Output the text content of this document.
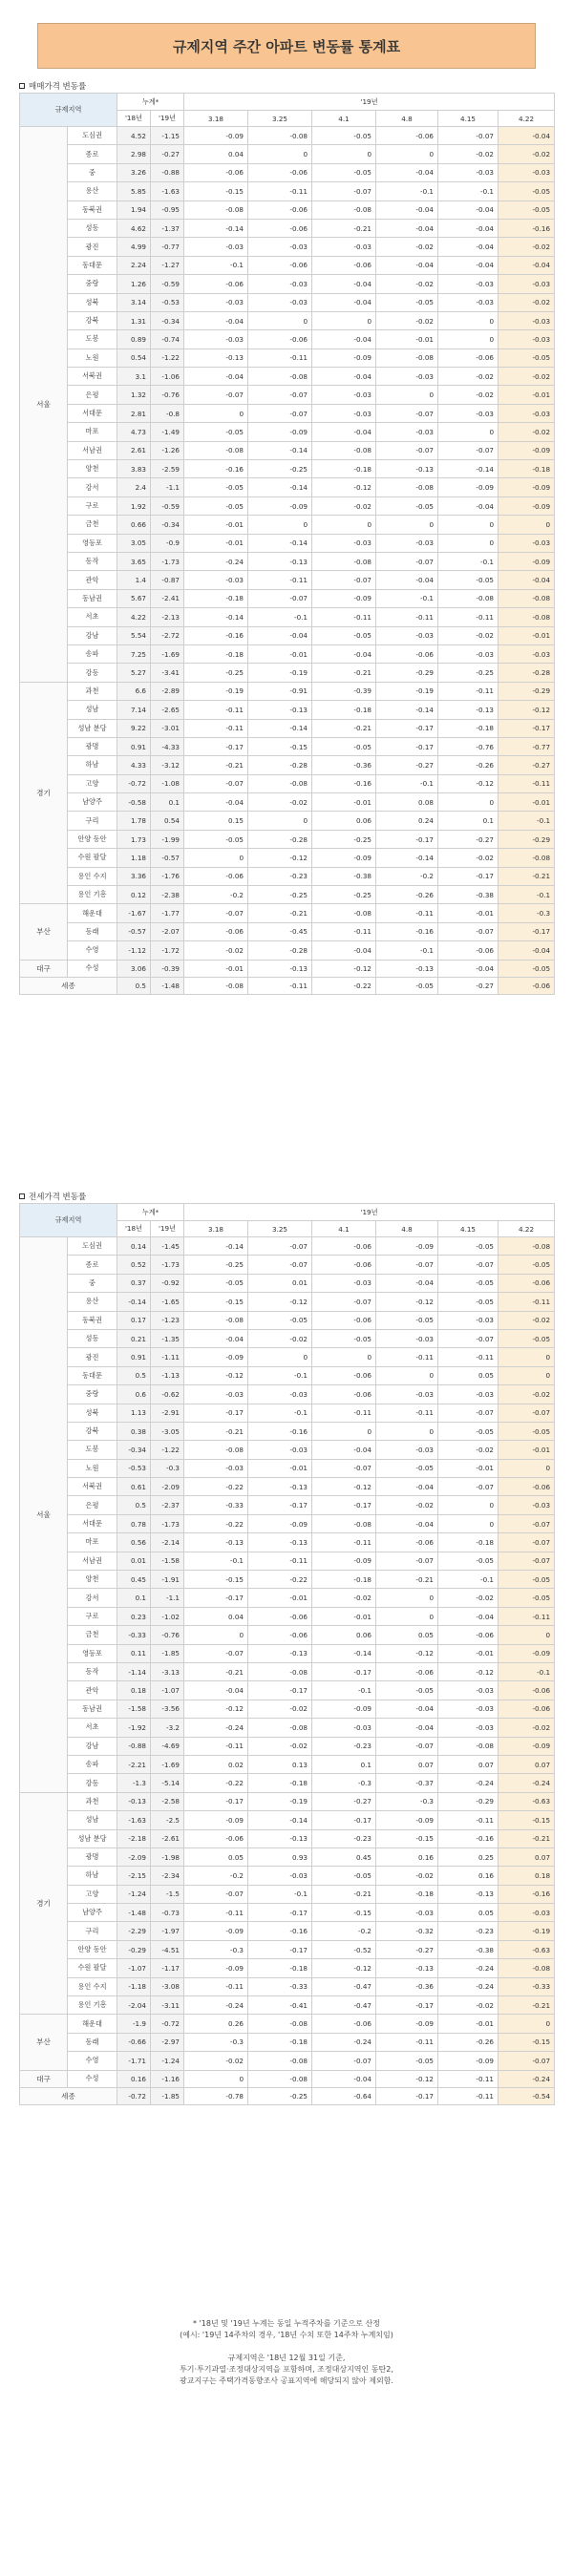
규제지역 주간 아파트 변동률 통계표
매매가격 변동률
규제지역		누계*		'19년					
		'18년	'19년	3.18	3.25	4.1	4.8	4.15	4.22
서울	도심권	4.52	-1.15	-0.09	-0.08	-0.05	-0.06	-0.07	-0.04
	종로	2.98	-0.27	0.04	0	0	0	-0.02	-0.02
	중	3.26	-0.88	-0.06	-0.06	-0.05	-0.04	-0.03	-0.03
	용산	5.85	-1.63	-0.15	-0.11	-0.07	-0.1	-0.1	-0.05
	동북권	1.94	-0.95	-0.08	-0.06	-0.08	-0.04	-0.04	-0.05
	성동	4.62	-1.37	-0.14	-0.06	-0.21	-0.04	-0.04	-0.16
	광진	4.99	-0.77	-0.03	-0.03	-0.03	-0.02	-0.04	-0.02
	동대문	2.24	-1.27	-0.1	-0.06	-0.06	-0.04	-0.04	-0.04
	중랑	1.26	-0.59	-0.06	-0.03	-0.04	-0.02	-0.03	-0.03
	성북	3.14	-0.53	-0.03	-0.03	-0.04	-0.05	-0.03	-0.02
	강북	1.31	-0.34	-0.04	0	0	-0.02	0	-0.03
	도봉	0.89	-0.74	-0.03	-0.06	-0.04	-0.01	0	-0.03
	노원	0.54	-1.22	-0.13	-0.11	-0.09	-0.08	-0.06	-0.05
	서북권	3.1	-1.06	-0.04	-0.08	-0.04	-0.03	-0.02	-0.02
	은평	1.32	-0.76	-0.07	-0.07	-0.03	0	-0.02	-0.01
	서대문	2.81	-0.8	0	-0.07	-0.03	-0.07	-0.03	-0.03
	마포	4.73	-1.49	-0.05	-0.09	-0.04	-0.03	0	-0.02
	서남권	2.61	-1.26	-0.08	-0.14	-0.08	-0.07	-0.07	-0.09
	양천	3.83	-2.59	-0.16	-0.25	-0.18	-0.13	-0.14	-0.18
	강서	2.4	-1.1	-0.05	-0.14	-0.12	-0.08	-0.09	-0.09
	구로	1.92	-0.59	-0.05	-0.09	-0.02	-0.05	-0.04	-0.09
	금천	0.66	-0.34	-0.01	0	0	0	0	0
	영등포	3.05	-0.9	-0.01	-0.14	-0.03	-0.03	0	-0.03
	동작	3.65	-1.73	-0.24	-0.13	-0.08	-0.07	-0.1	-0.09
	관악	1.4	-0.87	-0.03	-0.11	-0.07	-0.04	-0.05	-0.04
	동남권	5.67	-2.41	-0.18	-0.07	-0.09	-0.1	-0.08	-0.08
	서초	4.22	-2.13	-0.14	-0.1	-0.11	-0.11	-0.11	-0.08
	강남	5.54	-2.72	-0.16	-0.04	-0.05	-0.03	-0.02	-0.01
	송파	7.25	-1.69	-0.18	-0.01	-0.04	-0.06	-0.03	-0.03
	강동	5.27	-3.41	-0.25	-0.19	-0.21	-0.29	-0.25	-0.28
경기	과천	6.6	-2.89	-0.19	-0.91	-0.39	-0.19	-0.11	-0.29
	성남	7.14	-2.65	-0.11	-0.13	-0.18	-0.14	-0.13	-0.12
	성남 분당	9.22	-3.01	-0.11	-0.14	-0.21	-0.17	-0.18	-0.17
	광명	0.91	-4.33	-0.17	-0.15	-0.05	-0.17	-0.76	-0.77
	하남	4.33	-3.12	-0.21	-0.28	-0.36	-0.27	-0.26	-0.27
	고양	-0.72	-1.08	-0.07	-0.08	-0.16	-0.1	-0.12	-0.11
	남양주	-0.58	0.1	-0.04	-0.02	-0.01	0.08	0	-0.01
	구리	1.78	0.54	0.15	0	0.06	0.24	0.1	-0.1
	안양 동안	1.73	-1.99	-0.05	-0.28	-0.25	-0.17	-0.27	-0.29
	수원 팔달	1.18	-0.57	0	-0.12	-0.09	-0.14	-0.02	-0.08
	용인 수지	3.36	-1.76	-0.06	-0.23	-0.38	-0.2	-0.17	-0.21
	용인 기흥	0.12	-2.38	-0.2	-0.25	-0.25	-0.26	-0.38	-0.1
부산	해운대	-1.67	-1.77	-0.07	-0.21	-0.08	-0.11	-0.01	-0.3
	동래	-0.57	-2.07	-0.06	-0.45	-0.11	-0.16	-0.07	-0.17
	수영	-1.12	-1.72	-0.02	-0.28	-0.04	-0.1	-0.06	-0.04
대구	수성	3.06	-0.39	-0.01	-0.13	-0.12	-0.13	-0.04	-0.05
세종		0.5	-1.48	-0.08	-0.11	-0.22	-0.05	-0.27	-0.06
전세가격 변동률
규제지역		누계*		'19년					
		'18년	'19년	3.18	3.25	4.1	4.8	4.15	4.22
서울	도심권	0.14	-1.45	-0.14	-0.07	-0.06	-0.09	-0.05	-0.08
	종로	0.52	-1.73	-0.25	-0.07	-0.06	-0.07	-0.07	-0.05
	중	0.37	-0.92	-0.05	0.01	-0.03	-0.04	-0.05	-0.06
	용산	-0.14	-1.65	-0.15	-0.12	-0.07	-0.12	-0.05	-0.11
	동북권	0.17	-1.23	-0.08	-0.05	-0.06	-0.05	-0.03	-0.02
	성동	0.21	-1.35	-0.04	-0.02	-0.05	-0.03	-0.07	-0.05
	광진	0.91	-1.11	-0.09	0	0	-0.11	-0.11	0
	동대문	0.5	-1.13	-0.12	-0.1	-0.06	0	0.05	0
	중랑	0.6	-0.62	-0.03	-0.03	-0.06	-0.03	-0.03	-0.02
	성북	1.13	-2.91	-0.17	-0.1	-0.11	-0.11	-0.07	-0.07
	강북	0.38	-3.05	-0.21	-0.16	0	0	-0.05	-0.05
	도봉	-0.34	-1.22	-0.08	-0.03	-0.04	-0.03	-0.02	-0.01
	노원	-0.53	-0.3	-0.03	-0.01	-0.07	-0.05	-0.01	0
	서북권	0.61	-2.09	-0.22	-0.13	-0.12	-0.04	-0.07	-0.06
	은평	0.5	-2.37	-0.33	-0.17	-0.17	-0.02	0	-0.03
	서대문	0.78	-1.73	-0.22	-0.09	-0.08	-0.04	0	-0.07
	마포	0.56	-2.14	-0.13	-0.13	-0.11	-0.06	-0.18	-0.07
	서남권	0.01	-1.58	-0.1	-0.11	-0.09	-0.07	-0.05	-0.07
	양천	0.45	-1.91	-0.15	-0.22	-0.18	-0.21	-0.1	-0.05
	강서	0.1	-1.1	-0.17	-0.01	-0.02	0	-0.02	-0.05
	구로	0.23	-1.02	0.04	-0.06	-0.01	0	-0.04	-0.11
	금천	-0.33	-0.76	0	-0.06	0.06	0.05	-0.06	0
	영등포	0.11	-1.85	-0.07	-0.13	-0.14	-0.12	-0.01	-0.09
	동작	-1.14	-3.13	-0.21	-0.08	-0.17	-0.06	-0.12	-0.1
	관악	0.18	-1.07	-0.04	-0.17	-0.1	-0.05	-0.03	-0.06
	동남권	-1.58	-3.56	-0.12	-0.02	-0.09	-0.04	-0.03	-0.06
	서초	-1.92	-3.2	-0.24	-0.08	-0.03	-0.04	-0.03	-0.02
	강남	-0.88	-4.69	-0.11	-0.02	-0.23	-0.07	-0.08	-0.09
	송파	-2.21	-1.69	0.02	0.13	0.1	0.07	0.07	0.07
	강동	-1.3	-5.14	-0.22	-0.18	-0.3	-0.37	-0.24	-0.24
경기	과천	-0.13	-2.58	-0.17	-0.19	-0.27	-0.3	-0.29	-0.63
	성남	-1.63	-2.5	-0.09	-0.14	-0.17	-0.09	-0.11	-0.15
	성남 분당	-2.18	-2.61	-0.06	-0.13	-0.23	-0.15	-0.16	-0.21
	광명	-2.09	-1.98	0.05	0.93	0.45	0.16	0.25	0.07
	하남	-2.15	-2.34	-0.2	-0.03	-0.05	-0.02	0.16	0.18
	고양	-1.24	-1.5	-0.07	-0.1	-0.21	-0.18	-0.13	-0.16
	남양주	-1.48	-0.73	-0.11	-0.17	-0.15	-0.03	0.05	-0.03
	구리	-2.29	-1.97	-0.09	-0.16	-0.2	-0.32	-0.23	-0.19
	안양 동안	-0.29	-4.51	-0.3	-0.17	-0.52	-0.27	-0.38	-0.63
	수원 팔달	-1.07	-1.17	-0.09	-0.18	-0.12	-0.13	-0.24	-0.08
	용인 수지	-1.18	-3.08	-0.11	-0.33	-0.47	-0.36	-0.24	-0.33
	용인 기흥	-2.04	-3.11	-0.24	-0.41	-0.47	-0.17	-0.02	-0.21
부산	해운대	-1.9	-0.72	0.26	-0.08	-0.06	-0.09	-0.01	0
	동래	-0.66	-2.97	-0.3	-0.18	-0.24	-0.11	-0.26	-0.15
	수영	-1.71	-1.24	-0.02	-0.08	-0.07	-0.05	-0.09	-0.07
대구	수성	0.16	-1.16	0	-0.08	-0.04	-0.12	-0.11	-0.24
세종		-0.72	-1.85	-0.78	-0.25	-0.64	-0.17	-0.11	-0.54
* '18년 및 '19년 누계는 동일 누적주차를 기준으로 산정
(예시: '19년 14주차의 경우, '18년 수치 또한 14주차 누계치임)
규제지역은 '18년 12월 31일 기준,
투기·투기과열·조정대상지역을 포함하며, 조정대상지역인 동탄2,
광교지구는 주택가격동향조사 공표지역에 해당되지 않아 제외함.
